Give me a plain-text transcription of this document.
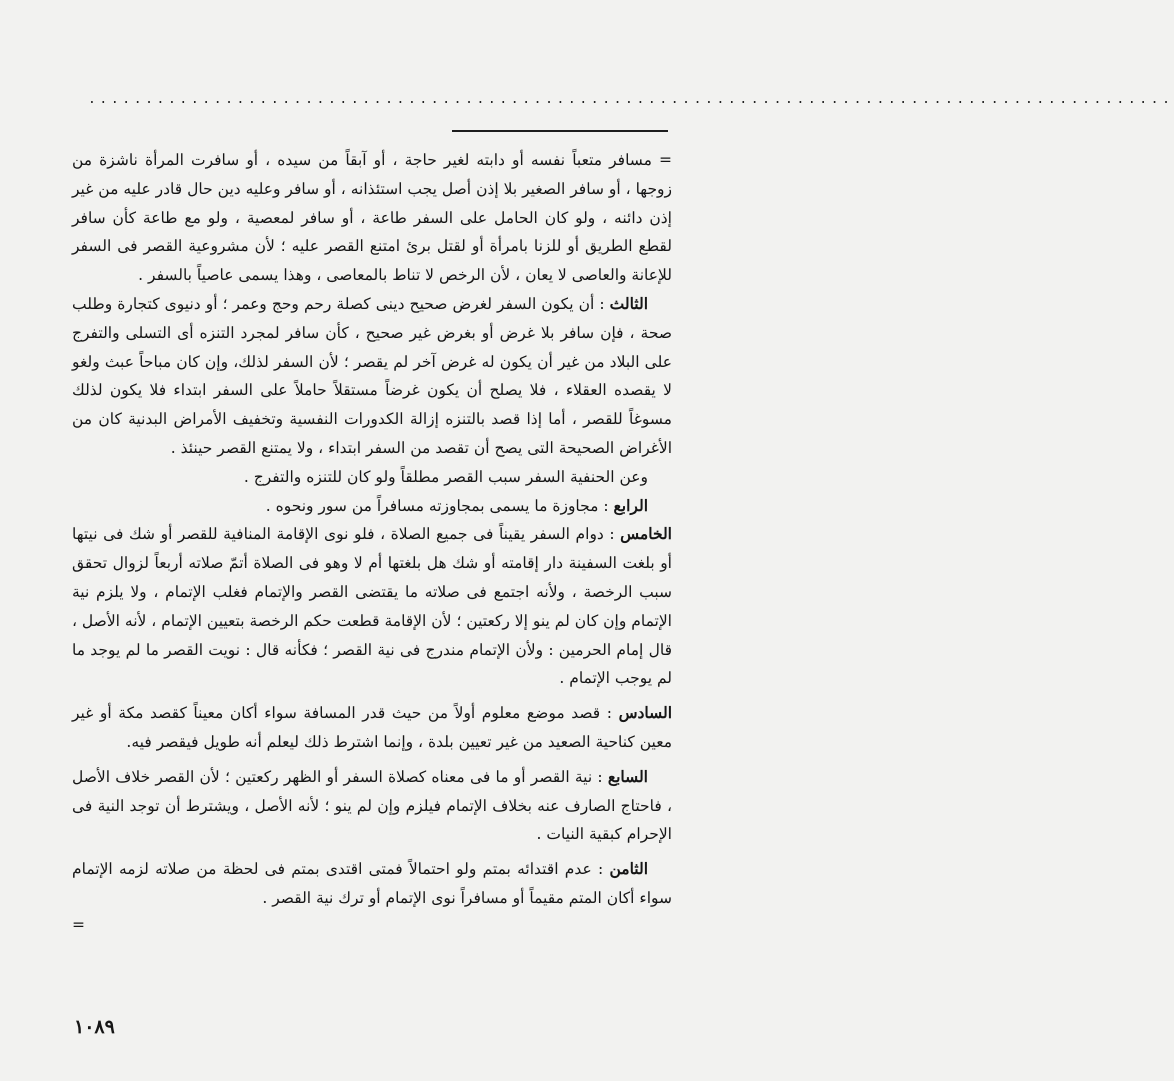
...............................................................................................

= مسافر متعباً نفسه أو دابته لغير حاجة ، أو آبقاً من سيده ، أو سافرت المرأة ناشزة من زوجها ، أو سافر الصغير بلا إذن أصل يجب استئذانه ، أو سافر وعليه دين حال قادر عليه من غير إذن دائنه ، ولو كان الحامل على السفر طاعة ، أو سافر لمعصية ، ولو مع طاعة كأن سافر لقطع الطريق أو للزنا بامرأة أو لقتل برئ امتنع القصر عليه ؛ لأن مشروعية القصر فى السفر للإعانة والعاصى لا يعان ، لأن الرخص لا تناط بالمعاصى ، وهذا يسمى عاصياً بالسفر .

الثالث : أن يكون السفر لغرض صحيح دينى كصلة رحم وحج وعمر ؛ أو دنيوى كتجارة وطلب صحة ، فإن سافر بلا غرض أو بغرض غير صحيح ، كأن سافر لمجرد التنزه أى التسلى والتفرج على البلاد من غير أن يكون له غرض آخر لم يقصر ؛ لأن السفر لذلك، وإن كان مباحاً عبث ولغو لا يقصده العقلاء ، فلا يصلح أن يكون غرضاً مستقلاً حاملاً على السفر ابتداء فلا يكون لذلك مسوغاً للقصر ، أما إذا قصد بالتنزه إزالة الكدورات النفسية وتخفيف الأمراض البدنية كان من الأغراض الصحيحة التى يصح أن تقصد من السفر ابتداء ، ولا يمتنع القصر حينئذ .

وعن الحنفية السفر سبب القصر مطلقاً ولو كان للتنزه والتفرج .

الرابع : مجاوزة ما يسمى بمجاوزته مسافراً من سور ونحوه .

الخامس : دوام السفر يقيناً فى جميع الصلاة ، فلو نوى الإقامة المنافية للقصر أو شك فى نيتها أو بلغت السفينة دار إقامته أو شك هل بلغتها أم لا وهو فى الصلاة أتمّ صلاته أربعاً لزوال تحقق سبب الرخصة ، ولأنه اجتمع فى صلاته ما يقتضى القصر والإتمام فغلب الإتمام ، ولا يلزم نية الإتمام وإن كان لم ينو إلا ركعتين ؛ لأن الإقامة قطعت حكم الرخصة بتعيين الإتمام ، لأنه الأصل ، قال إمام الحرمين : ولأن الإتمام مندرج فى نية القصر ؛ فكأنه قال : نويت القصر ما لم يوجد ما لم يوجب الإتمام .

السادس : قصد موضع معلوم أولاً من حيث قدر المسافة سواء أكان معيناً كقصد مكة أو غير معين كناحية الصعيد من غير تعيين بلدة ، وإنما اشترط ذلك ليعلم أنه طويل فيقصر فيه.

السابع : نية القصر أو ما فى معناه كصلاة السفر أو الظهر ركعتين ؛ لأن القصر خلاف الأصل ، فاحتاج الصارف عنه بخلاف الإتمام فيلزم وإن لم ينو ؛ لأنه الأصل ، ويشترط أن توجد النية فى الإحرام كبقية النيات .

الثامن : عدم اقتدائه بمتم ولو احتمالاً فمتى اقتدى بمتم فى لحظة من صلاته لزمه الإتمام سواء أكان المتم مقيماً أو مسافراً نوى الإتمام أو ترك نية القصر .

=

١٠٨٩
